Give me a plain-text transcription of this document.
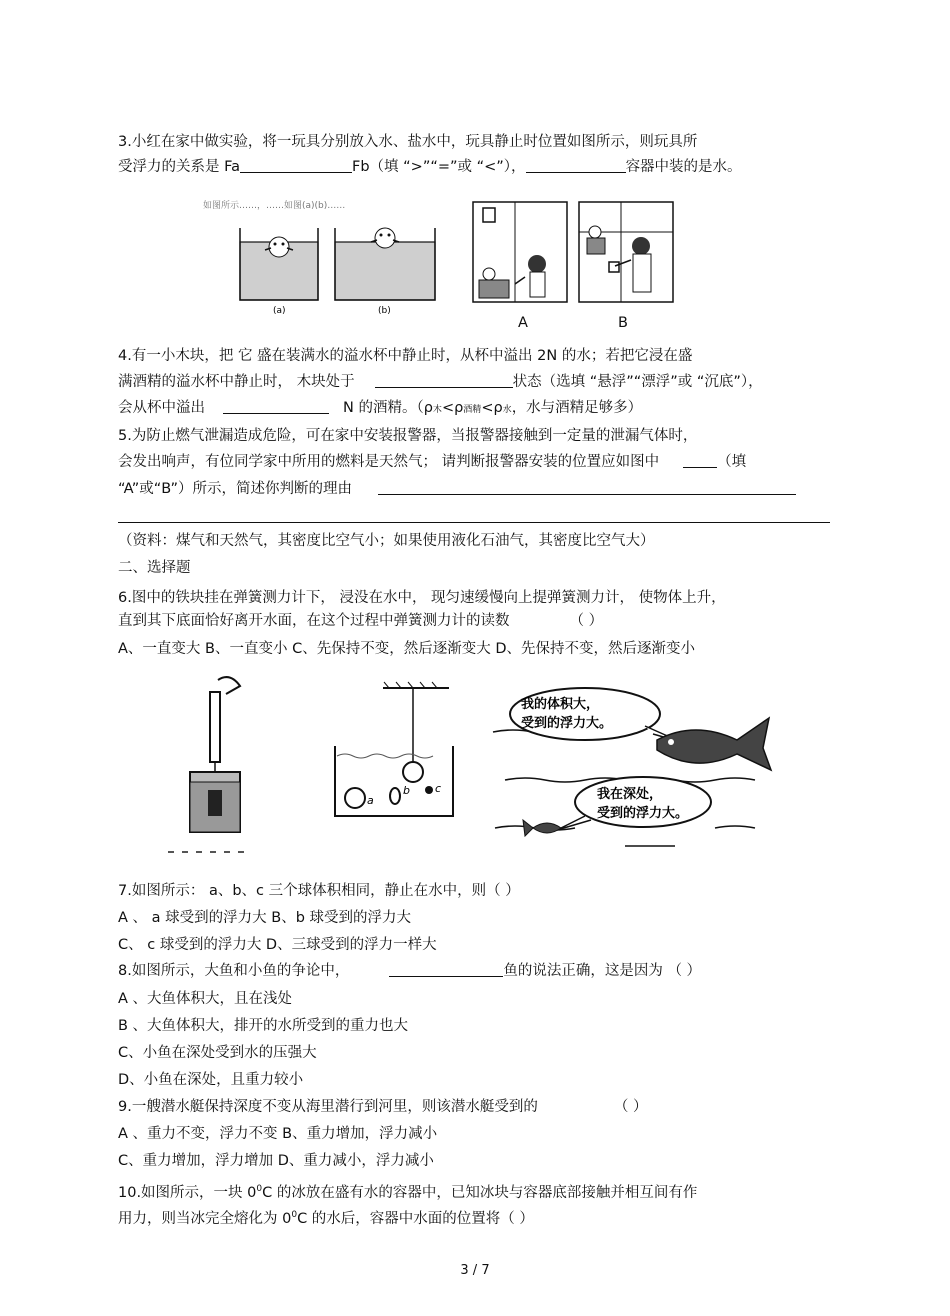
3.小红在家中做实验，将一玩具分别放入水、盐水中，玩具静止时位置如图所示，则玩具所
受浮力的关系是 Fa	Fb（填 “>”“=”或 “<”），	容器中装的是水。
如图所示……，……如图(a)(b)……
(a)	(b)
A	B
4.有一小木块，把 它 盛在装满水的溢水杯中静止时，从杯中溢出 2N 的水；若把它浸在盛
满酒精的溢水杯中静止时， 木块处于	状态（选填 “悬浮”“漂浮”或 “沉底”），
会从杯中溢出	N 的酒精。（ρ木<ρ酒精<ρ水，水与酒精足够多）
5.为防止燃气泄漏造成危险，可在家中安装报警器，当报警器接触到一定量的泄漏气体时，
会发出响声，有位同学家中所用的燃料是天然气； 请判断报警器安装的位置应如图中	（填
“A”或“B”）所示，简述你判断的理由
（资料：煤气和天然气，其密度比空气小；如果使用液化石油气，其密度比空气大）
二、选择题
6.图中的铁块挂在弹簧测力计下， 浸没在水中， 现匀速缓慢向上提弹簧测力计， 使物体上升，
直到其下底面恰好离开水面，在这个过程中弹簧测力计的读数	（ ）
A、一直变大 B、一直变小 C、先保持不变，然后逐渐变大 D、先保持不变，然后逐渐变小
a
b c
我的体积大，
受到的浮力大。
我在深处，
受到的浮力大。
7.如图所示： a、b、c 三个球体积相同，静止在水中，则（ ）
A 、 a 球受到的浮力大 B、b 球受到的浮力大
C、 c 球受到的浮力大 D、三球受到的浮力一样大
8.如图所示，大鱼和小鱼的争论中，	鱼的说法正确，这是因为 （ ）
A 、大鱼体积大，且在浅处
B 、大鱼体积大，排开的水所受到的重力也大
C、小鱼在深处受到水的压强大
D、小鱼在深处，且重力较小
9.一艘潜水艇保持深度不变从海里潜行到河里，则该潜水艇受到的	（ ）
A 、重力不变，浮力不变 B、重力增加，浮力减小
C、重力增加，浮力增加 D、重力减小，浮力减小
10.如图所示，一块 $0^0C$ 的冰放在盛有水的容器中，已知冰块与容器底部接触并相互间有作
用力，则当冰完全熔化为 $0^0C$ 的水后，容器中水面的位置将（ ）
3 / 7
